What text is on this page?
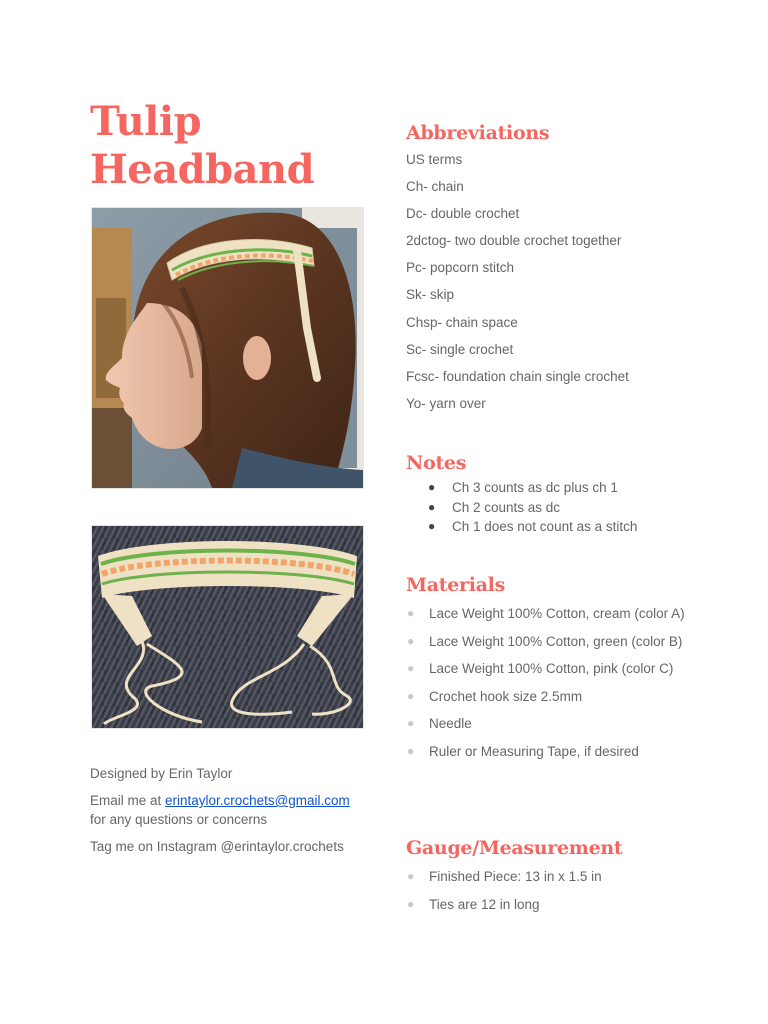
Tulip
Headband

Designed by Erin Taylor

Email me at erintaylor.crochets@gmail.com
for any questions or concerns

Tag me on Instagram @erintaylor.crochets

Abbreviations
US terms
Ch- chain
Dc- double crochet
2dctog- two double crochet together
Pc- popcorn stitch
Sk- skip
Chsp- chain space
Sc- single crochet
Fcsc- foundation chain single crochet
Yo- yarn over
Notes
● Ch 3 counts as dc plus ch 1
● Ch 2 counts as dc
● Ch 1 does not count as a stitch
Materials
● Lace Weight 100% Cotton, cream (color A)
● Lace Weight 100% Cotton, green (color B)
● Lace Weight 100% Cotton, pink (color C)
● Crochet hook size 2.5mm
● Needle
● Ruler or Measuring Tape, if desired
Gauge/Measurement
● Finished Piece: 13 in x 1.5 in
● Ties are 12 in long
